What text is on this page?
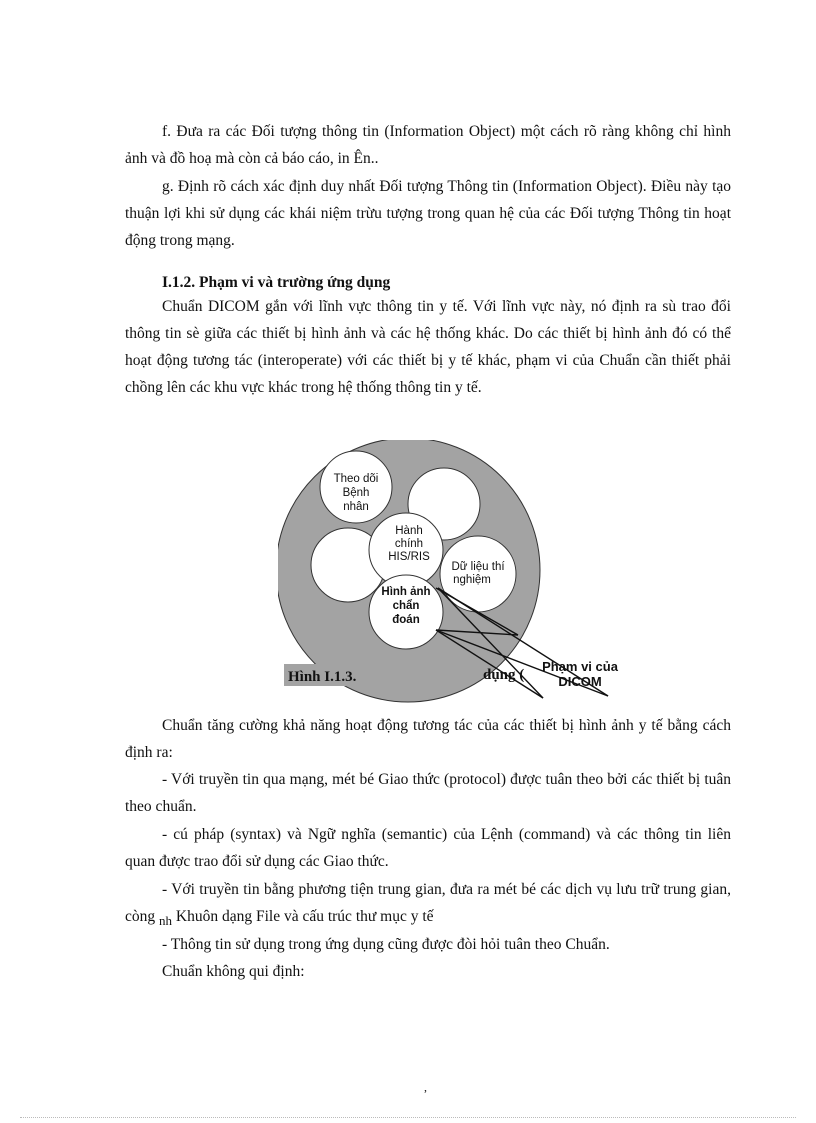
f. Đưa ra các Đối tượng thông tin (Information Object) một cách rõ ràng không chỉ hình ảnh và đồ hoạ mà còn cả báo cáo, in Ên..

g. Định rõ cách xác định duy nhất Đối tượng Thông tin (Information Object). Điều này tạo thuận lợi khi sử dụng các khái niệm trừu tượng trong quan hệ của các Đối tượng Thông tin hoạt động trong mạng.

I.1.2. Phạm vi và trường ứng dụng

Chuẩn DICOM gắn với lĩnh vực thông tin y tế. Với lĩnh vực này, nó định ra sù trao đổi thông tin sè giữa các thiết bị hình ảnh và các hệ thống khác. Do các thiết bị hình ảnh đó có thể hoạt động tương tác (interoperate) với các thiết bị y tế khác, phạm vi của Chuẩn cần thiết phải chồng lên các khu vực khác trong hệ thống thông tin y tế.

Theo dõi
Bệnh
nhân
Hành
chính
HIS/RIS
Dữ liệu thí
nghiệm
Hình ảnh
chẩn
đoán
Hình I.1.3.	dụng (
Phạm vi của
DICOM

Chuẩn tăng cường khả năng hoạt động tương tác của các thiết bị hình ảnh y tế bằng cách định ra:

- Với truyền tin qua mạng, mét bé Giao thức (protocol) được tuân theo bởi các thiết bị tuân theo chuẩn.

- cú pháp (syntax) và Ngữ nghĩa (semantic) của Lệnh (command) và các thông tin liên quan được trao đổi sử dụng các Giao thức.

- Với truyền tin bằng phương tiện trung gian, đưa ra mét bé các dịch vụ lưu trữ trung gian, còng $_{nh}$ Khuôn dạng File và cấu trúc thư mục y tế

- Thông tin sử dụng trong ứng dụng cũng được đòi hỏi tuân theo Chuẩn.

Chuẩn không qui định:

,
